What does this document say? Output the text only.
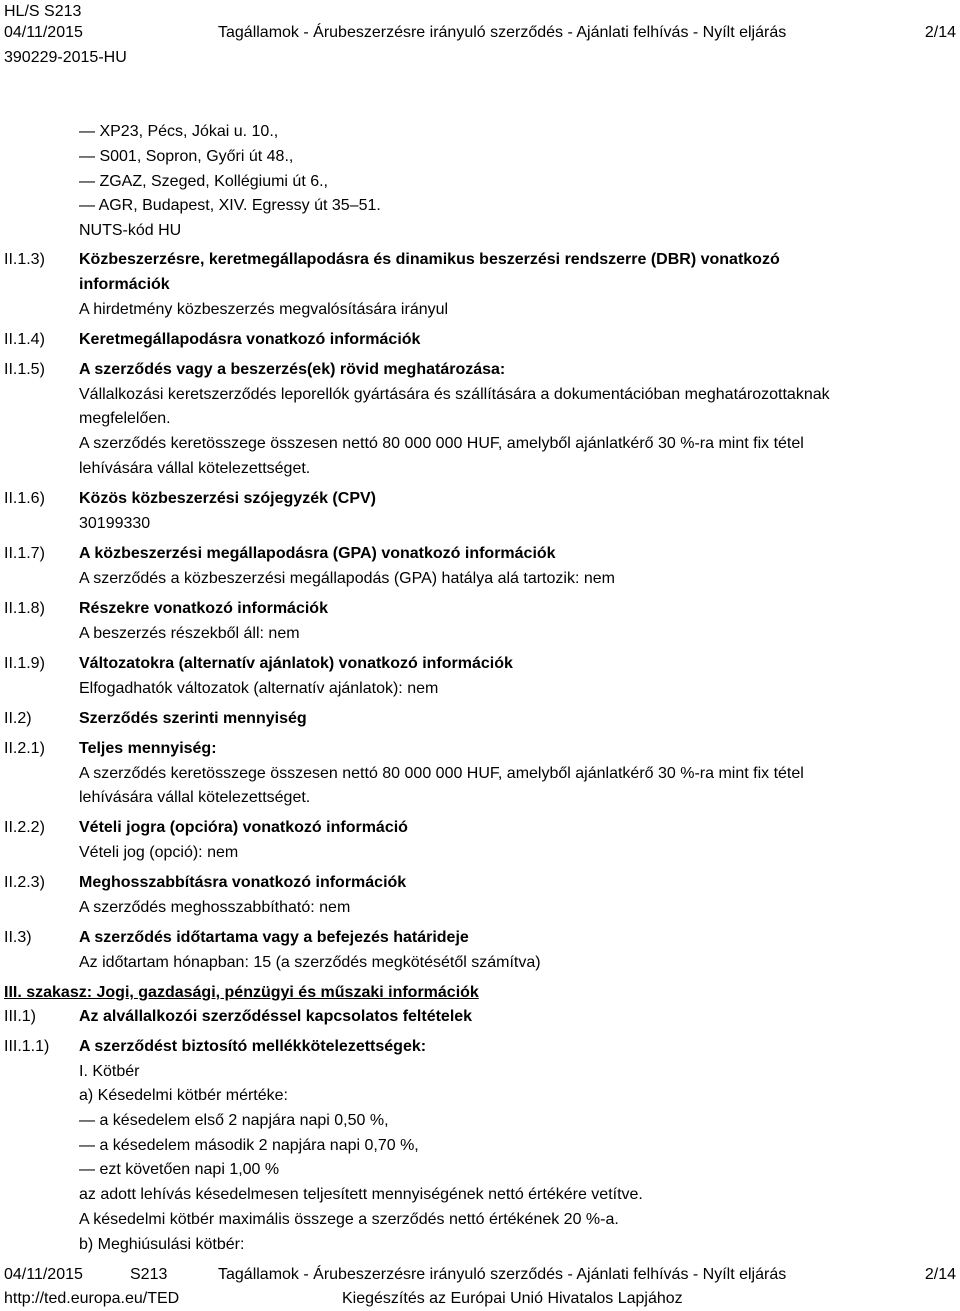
HL/S S213
04/11/2015
390229-2015-HU
Tagállamok - Árubeszerzésre irányuló szerződés - Ajánlati felhívás - Nyílt eljárás	2/14
— XP23, Pécs, Jókai u. 10.,
— S001, Sopron, Győri út 48.,
— ZGAZ, Szeged, Kollégiumi út 6.,
— AGR, Budapest, XIV. Egressy út 35–51.
NUTS-kód HU
II.1.3) Közbeszerzésre, keretmegállapodásra és dinamikus beszerzési rendszerre (DBR) vonatkozó
információk
A hirdetmény közbeszerzés megvalósítására irányul
II.1.4) Keretmegállapodásra vonatkozó információk
II.1.5) A szerződés vagy a beszerzés(ek) rövid meghatározása:
Vállalkozási keretszerződés leporellók gyártására és szállítására a dokumentációban meghatározottaknak
megfelelően.
A szerződés keretösszege összesen nettó 80 000 000 HUF, amelyből ajánlatkérő 30 %-ra mint fix tétel
lehívására vállal kötelezettséget.
II.1.6) Közös közbeszerzési szójegyzék (CPV)
30199330
II.1.7) A közbeszerzési megállapodásra (GPA) vonatkozó információk
A szerződés a közbeszerzési megállapodás (GPA) hatálya alá tartozik: nem
II.1.8) Részekre vonatkozó információk
A beszerzés részekből áll: nem
II.1.9) Változatokra (alternatív ajánlatok) vonatkozó információk
Elfogadhatók változatok (alternatív ajánlatok): nem
II.2)	Szerződés szerinti mennyiség
II.2.1) Teljes mennyiség:
A szerződés keretösszege összesen nettó 80 000 000 HUF, amelyből ajánlatkérő 30 %-ra mint fix tétel
lehívására vállal kötelezettséget.
II.2.2) Vételi jogra (opcióra) vonatkozó információ
Vételi jog (opció): nem
II.2.3) Meghosszabbításra vonatkozó információk
A szerződés meghosszabbítható: nem
II.3)	A szerződés időtartama vagy a befejezés határideje
Az időtartam hónapban: 15 (a szerződés megkötésétől számítva)
III. szakasz: Jogi, gazdasági, pénzügyi és műszaki információk
III.1)	Az alvállalkozói szerződéssel kapcsolatos feltételek
III.1.1) A szerződést biztosító mellékkötelezettségek:
I. Kötbér
a) Késedelmi kötbér mértéke:
— a késedelem első 2 napjára napi 0,50 %,
— a késedelem második 2 napjára napi 0,70 %,
— ezt követően napi 1,00 %
az adott lehívás késedelmesen teljesített mennyiségének nettó értékére vetítve.
A késedelmi kötbér maximális összege a szerződés nettó értékének 20 %-a.
b) Meghiúsulási kötbér:
04/11/2015	S213	Tagállamok - Árubeszerzésre irányuló szerződés - Ajánlati felhívás - Nyílt eljárás	2/14
http://ted.europa.eu/TED	Kiegészítés az Európai Unió Hivatalos Lapjához
